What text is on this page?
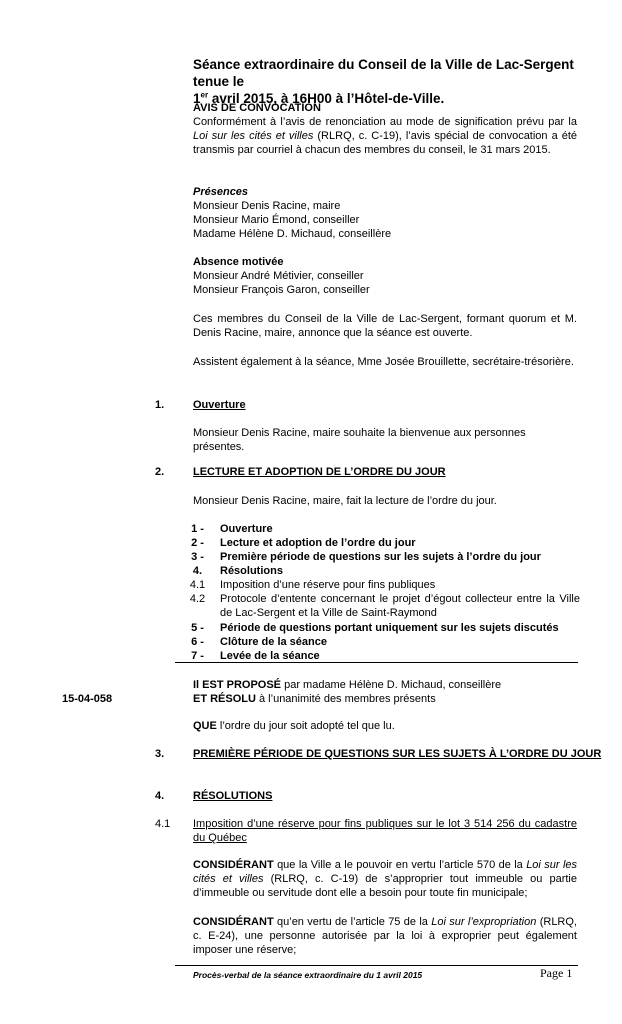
Séance extraordinaire du Conseil de la Ville de Lac-Sergent tenue le
1er avril 2015, à 16H00 à l’Hôtel-de-Ville.
AVIS DE CONVOCATION
Conformément à l’avis de renonciation au mode de signification prévu par la Loi sur les cités et villes (RLRQ, c. C-19), l’avis spécial de convocation a été transmis par courriel à chacun des membres du conseil, le 31 mars 2015.
Présences
Monsieur Denis Racine, maire
Monsieur Mario Émond, conseiller
Madame Hélène D. Michaud, conseillère
Absence motivée
Monsieur André Métivier, conseiller
Monsieur François Garon, conseiller
Ces membres du Conseil de la Ville de Lac-Sergent, formant quorum et M. Denis Racine, maire, annonce que la séance est ouverte.
Assistent également à la séance, Mme Josée Brouillette, secrétaire-trésorière.
1.	Ouverture
Monsieur Denis Racine, maire souhaite la bienvenue aux personnes présentes.
2.	LECTURE ET ADOPTION DE L’ORDRE DU JOUR
Monsieur Denis Racine, maire, fait la lecture de l’ordre du jour.
1 -	Ouverture
2 -	Lecture et adoption de l’ordre du jour
3 -	Première période de questions sur les sujets à l’ordre du jour
4.	Résolutions
4.1	Imposition d’une réserve pour fins publiques
4.2	Protocole d’entente concernant le projet d’égout collecteur entre la Ville de Lac-Sergent et la Ville de Saint-Raymond
5 -	Période de questions portant uniquement sur les sujets discutés
6 -	Clôture de la séance
7 -	Levée de la séance
Il EST PROPOSÉ par madame Hélène D. Michaud, conseillère
15-04-058	ET RÉSOLU à l’unanimité des membres présents
QUE l’ordre du jour soit adopté tel que lu.
3.	PREMIÈRE PÉRIODE DE QUESTIONS SUR LES SUJETS À L’ORDRE DU JOUR
4.	RÉSOLUTIONS
4.1 Imposition d’une réserve pour fins publiques sur le lot 3 514 256 du cadastre du Québec
CONSIDÉRANT que la Ville a le pouvoir en vertu l’article 570 de la Loi sur les cités et villes (RLRQ, c. C-19) de s’approprier tout immeuble ou partie d’immeuble ou servitude dont elle a besoin pour toute fin municipale;
CONSIDÉRANT qu’en vertu de l’article 75 de la Loi sur l’expropriation (RLRQ, c. E-24), une personne autorisée par la loi à exproprier peut également imposer une réserve;
Procès-verbal de la séance extraordinaire du 1 avril 2015	Page 1
